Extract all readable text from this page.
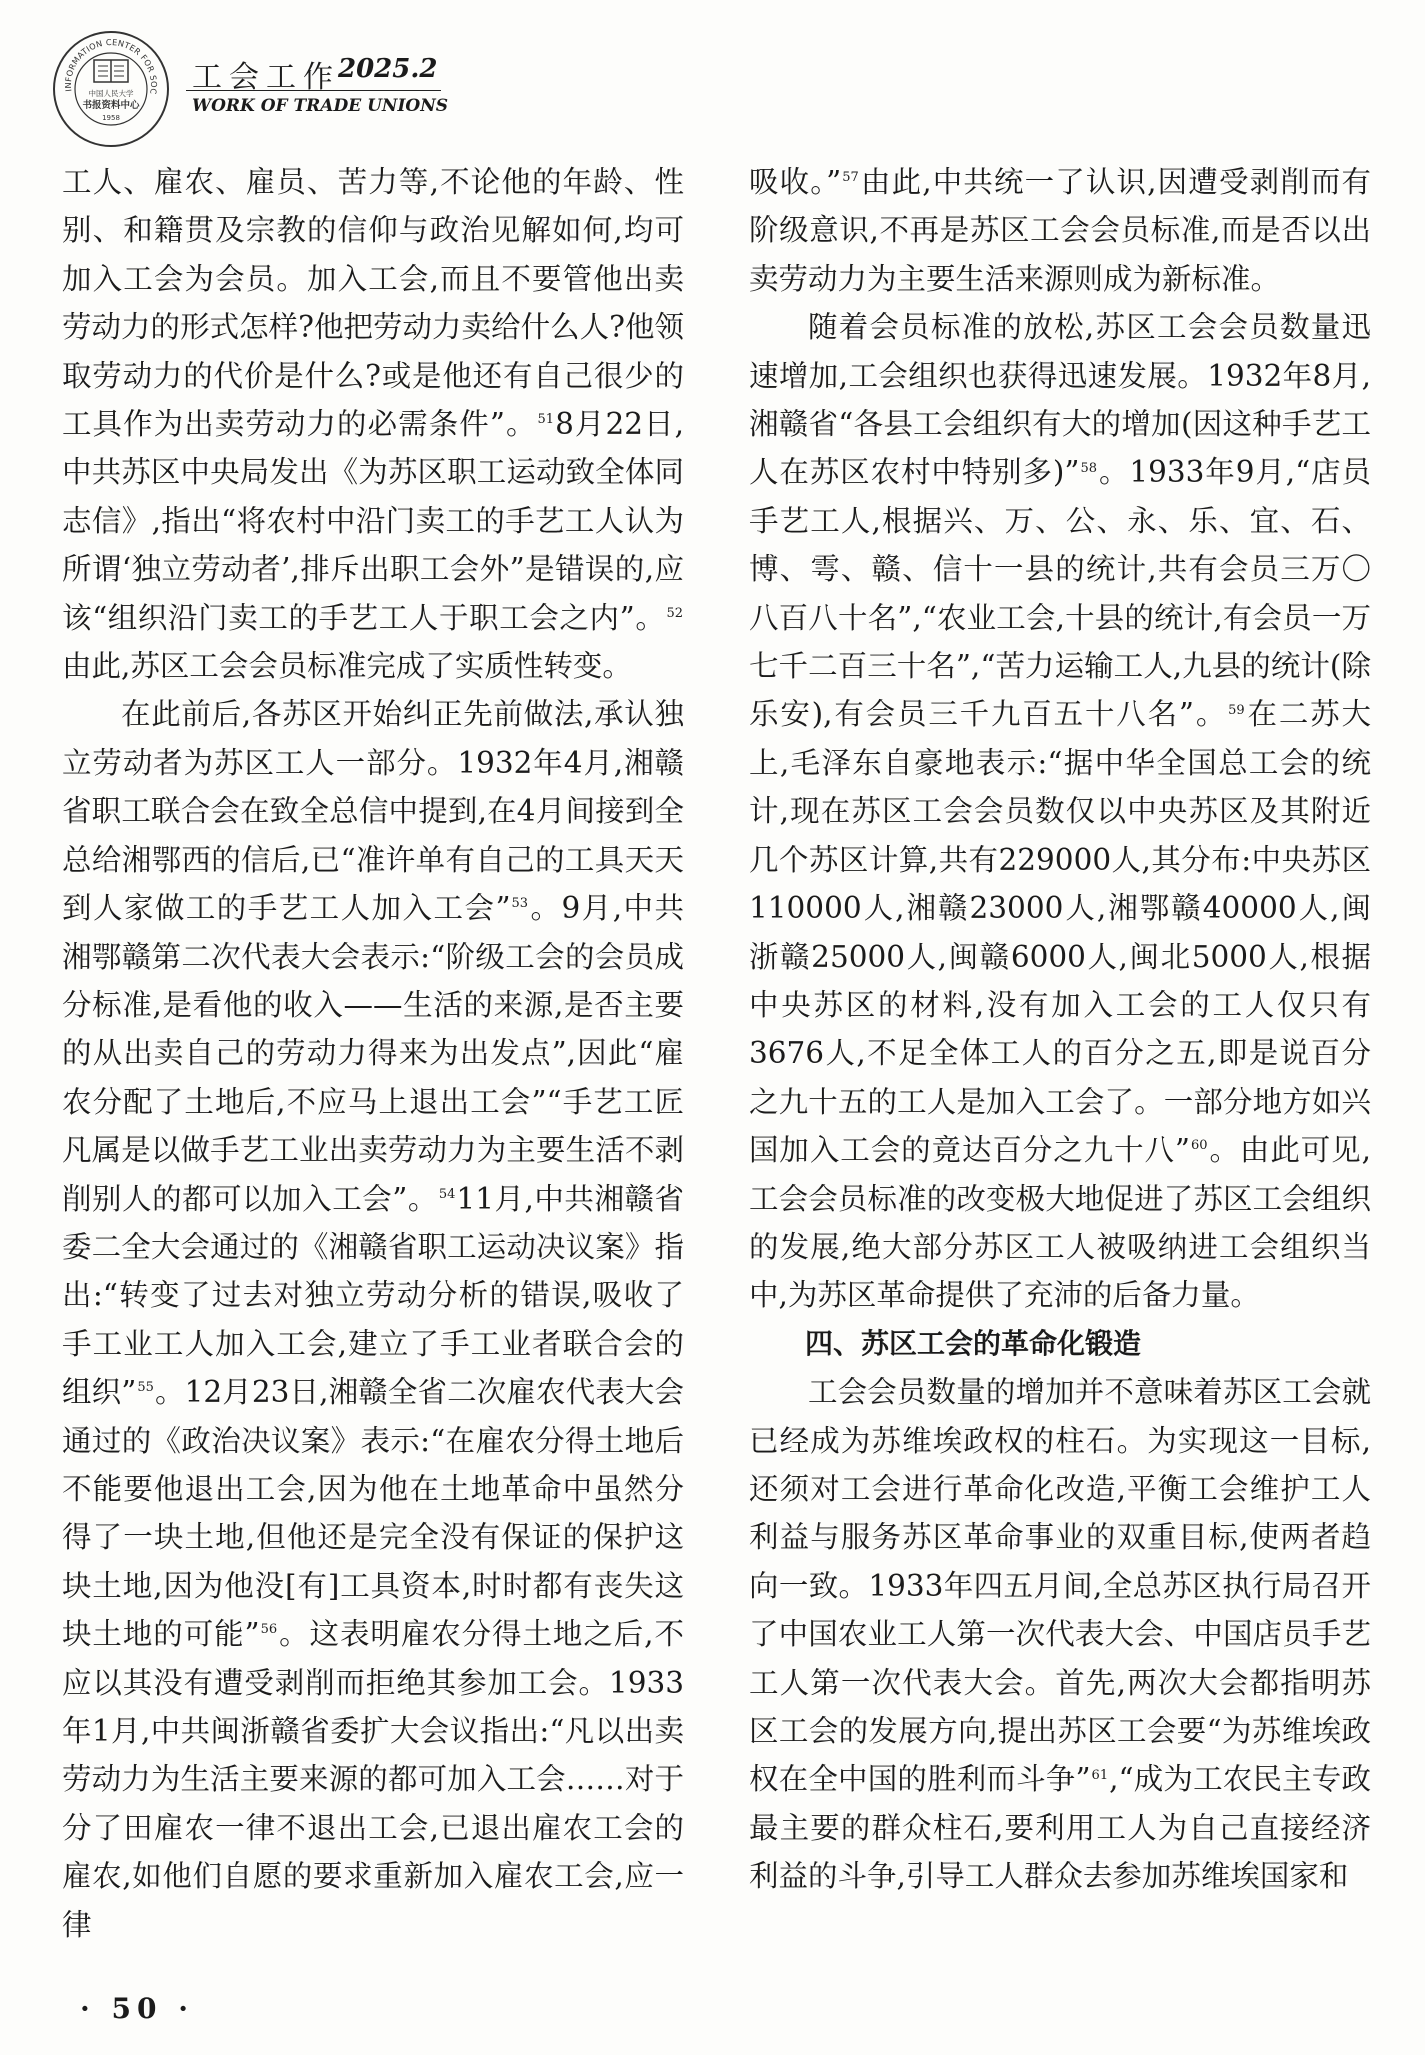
INFORMATION CENTER FOR SOC
中国人民大学
书报资料中心
1958
工会工作
2025.2
WORK OF TRADE UNIONS

工人、雇农、雇员、苦力等,不论他的年龄、性别、和籍贯及宗教的信仰与政治见解如何,均可加入工会为会员。加入工会,而且不要管他出卖劳动力的形式怎样?他把劳动力卖给什么人?他领取劳动力的代价是什么?或是他还有自己很少的工具作为出卖劳动力的必需条件”。$^{51}$8月22日,中共苏区中央局发出《为苏区职工运动致全体同志信》,指出“将农村中沿门卖工的手艺工人认为所谓‘独立劳动者’,排斥出职工会外”是错误的,应该“组织沿门卖工的手艺工人于职工会之内”。$^{52}$由此,苏区工会会员标准完成了实质性转变。

在此前后,各苏区开始纠正先前做法,承认独立劳动者为苏区工人一部分。1932年4月,湘赣省职工联合会在致全总信中提到,在4月间接到全总给湘鄂西的信后,已“准许单有自己的工具天天到人家做工的手艺工人加入工会”$^{53}$。9月,中共湘鄂赣第二次代表大会表示:“阶级工会的会员成分标准,是看他的收入——生活的来源,是否主要的从出卖自己的劳动力得来为出发点”,因此“雇农分配了土地后,不应马上退出工会”“手艺工匠凡属是以做手艺工业出卖劳动力为主要生活不剥削别人的都可以加入工会”。$^{54}$11月,中共湘赣省委二全大会通过的《湘赣省职工运动决议案》指出:“转变了过去对独立劳动分析的错误,吸收了手工业工人加入工会,建立了手工业者联合会的组织”$^{55}$。12月23日,湘赣全省二次雇农代表大会通过的《政治决议案》表示:“在雇农分得土地后不能要他退出工会,因为他在土地革命中虽然分得了一块土地,但他还是完全没有保证的保护这块土地,因为他没[有]工具资本,时时都有丧失这块土地的可能”$^{56}$。这表明雇农分得土地之后,不应以其没有遭受剥削而拒绝其参加工会。1933年1月,中共闽浙赣省委扩大会议指出:“凡以出卖劳动力为生活主要来源的都可加入工会……对于分了田雇农一律不退出工会,已退出雇农工会的雇农,如他们自愿的要求重新加入雇农工会,应一律

吸收。”$^{57}$由此,中共统一了认识,因遭受剥削而有阶级意识,不再是苏区工会会员标准,而是否以出卖劳动力为主要生活来源则成为新标准。

随着会员标准的放松,苏区工会会员数量迅速增加,工会组织也获得迅速发展。1932年8月,湘赣省“各县工会组织有大的增加(因这种手艺工人在苏区农村中特别多)”$^{58}$。1933年9月,“店员手艺工人,根据兴、万、公、永、乐、宜、石、博、雩、赣、信十一县的统计,共有会员三万〇八百八十名”,“农业工会,十县的统计,有会员一万七千二百三十名”,“苦力运输工人,九县的统计(除乐安),有会员三千九百五十八名”。$^{59}$在二苏大上,毛泽东自豪地表示:“据中华全国总工会的统计,现在苏区工会会员数仅以中央苏区及其附近几个苏区计算,共有229000人,其分布:中央苏区110000人,湘赣23000人,湘鄂赣40000人,闽浙赣25000人,闽赣6000人,闽北5000人,根据中央苏区的材料,没有加入工会的工人仅只有3676人,不足全体工人的百分之五,即是说百分之九十五的工人是加入工会了。一部分地方如兴国加入工会的竟达百分之九十八”$^{60}$。由此可见,工会会员标准的改变极大地促进了苏区工会组织的发展,绝大部分苏区工人被吸纳进工会组织当中,为苏区革命提供了充沛的后备力量。

四、苏区工会的革命化锻造

工会会员数量的增加并不意味着苏区工会就已经成为苏维埃政权的柱石。为实现这一目标,还须对工会进行革命化改造,平衡工会维护工人利益与服务苏区革命事业的双重目标,使两者趋向一致。1933年四五月间,全总苏区执行局召开了中国农业工人第一次代表大会、中国店员手艺工人第一次代表大会。首先,两次大会都指明苏区工会的发展方向,提出苏区工会要“为苏维埃政权在全中国的胜利而斗争”$^{61}$,“成为工农民主专政最主要的群众柱石,要利用工人为自己直接经济利益的斗争,引导工人群众去参加苏维埃国家和

· 50 ·
